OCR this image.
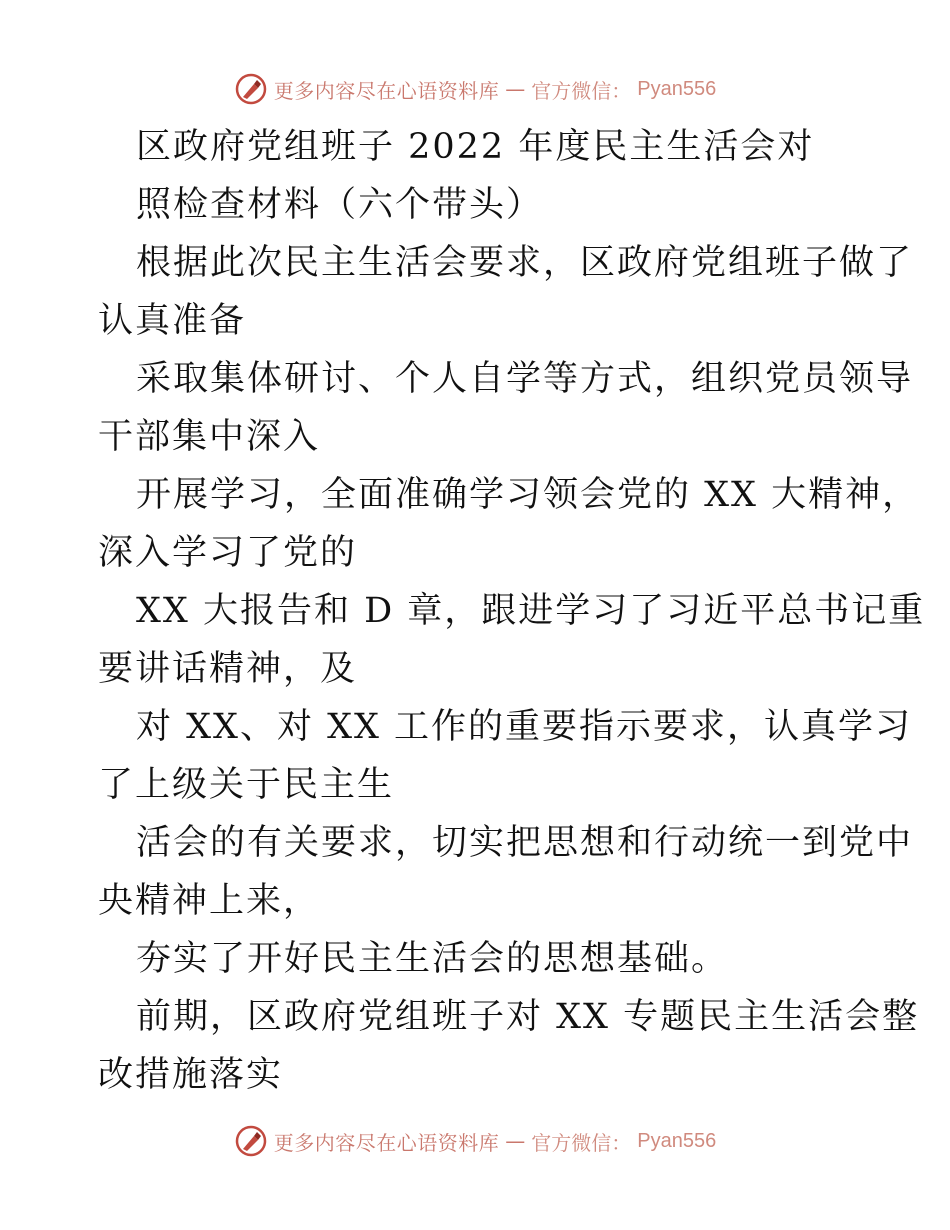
更多内容尽在心语资料库 — 官方微信： Pyan556
区政府党组班子 2022 年度民主生活会对
照检查材料（六个带头）
根据此次民主生活会要求，区政府党组班子做了
认真准备
采取集体研讨、个人自学等方式，组织党员领导
干部集中深入
开展学习，全面准确学习领会党的 XX 大精神，
深入学习了党的
XX 大报告和 D 章，跟进学习了习近平总书记重
要讲话精神，及
对 XX、对 XX 工作的重要指示要求，认真学习
了上级关于民主生
活会的有关要求，切实把思想和行动统一到党中
央精神上来，
夯实了开好民主生活会的思想基础。
前期，区政府党组班子对 XX 专题民主生活会整
改措施落实
更多内容尽在心语资料库 — 官方微信： Pyan556
